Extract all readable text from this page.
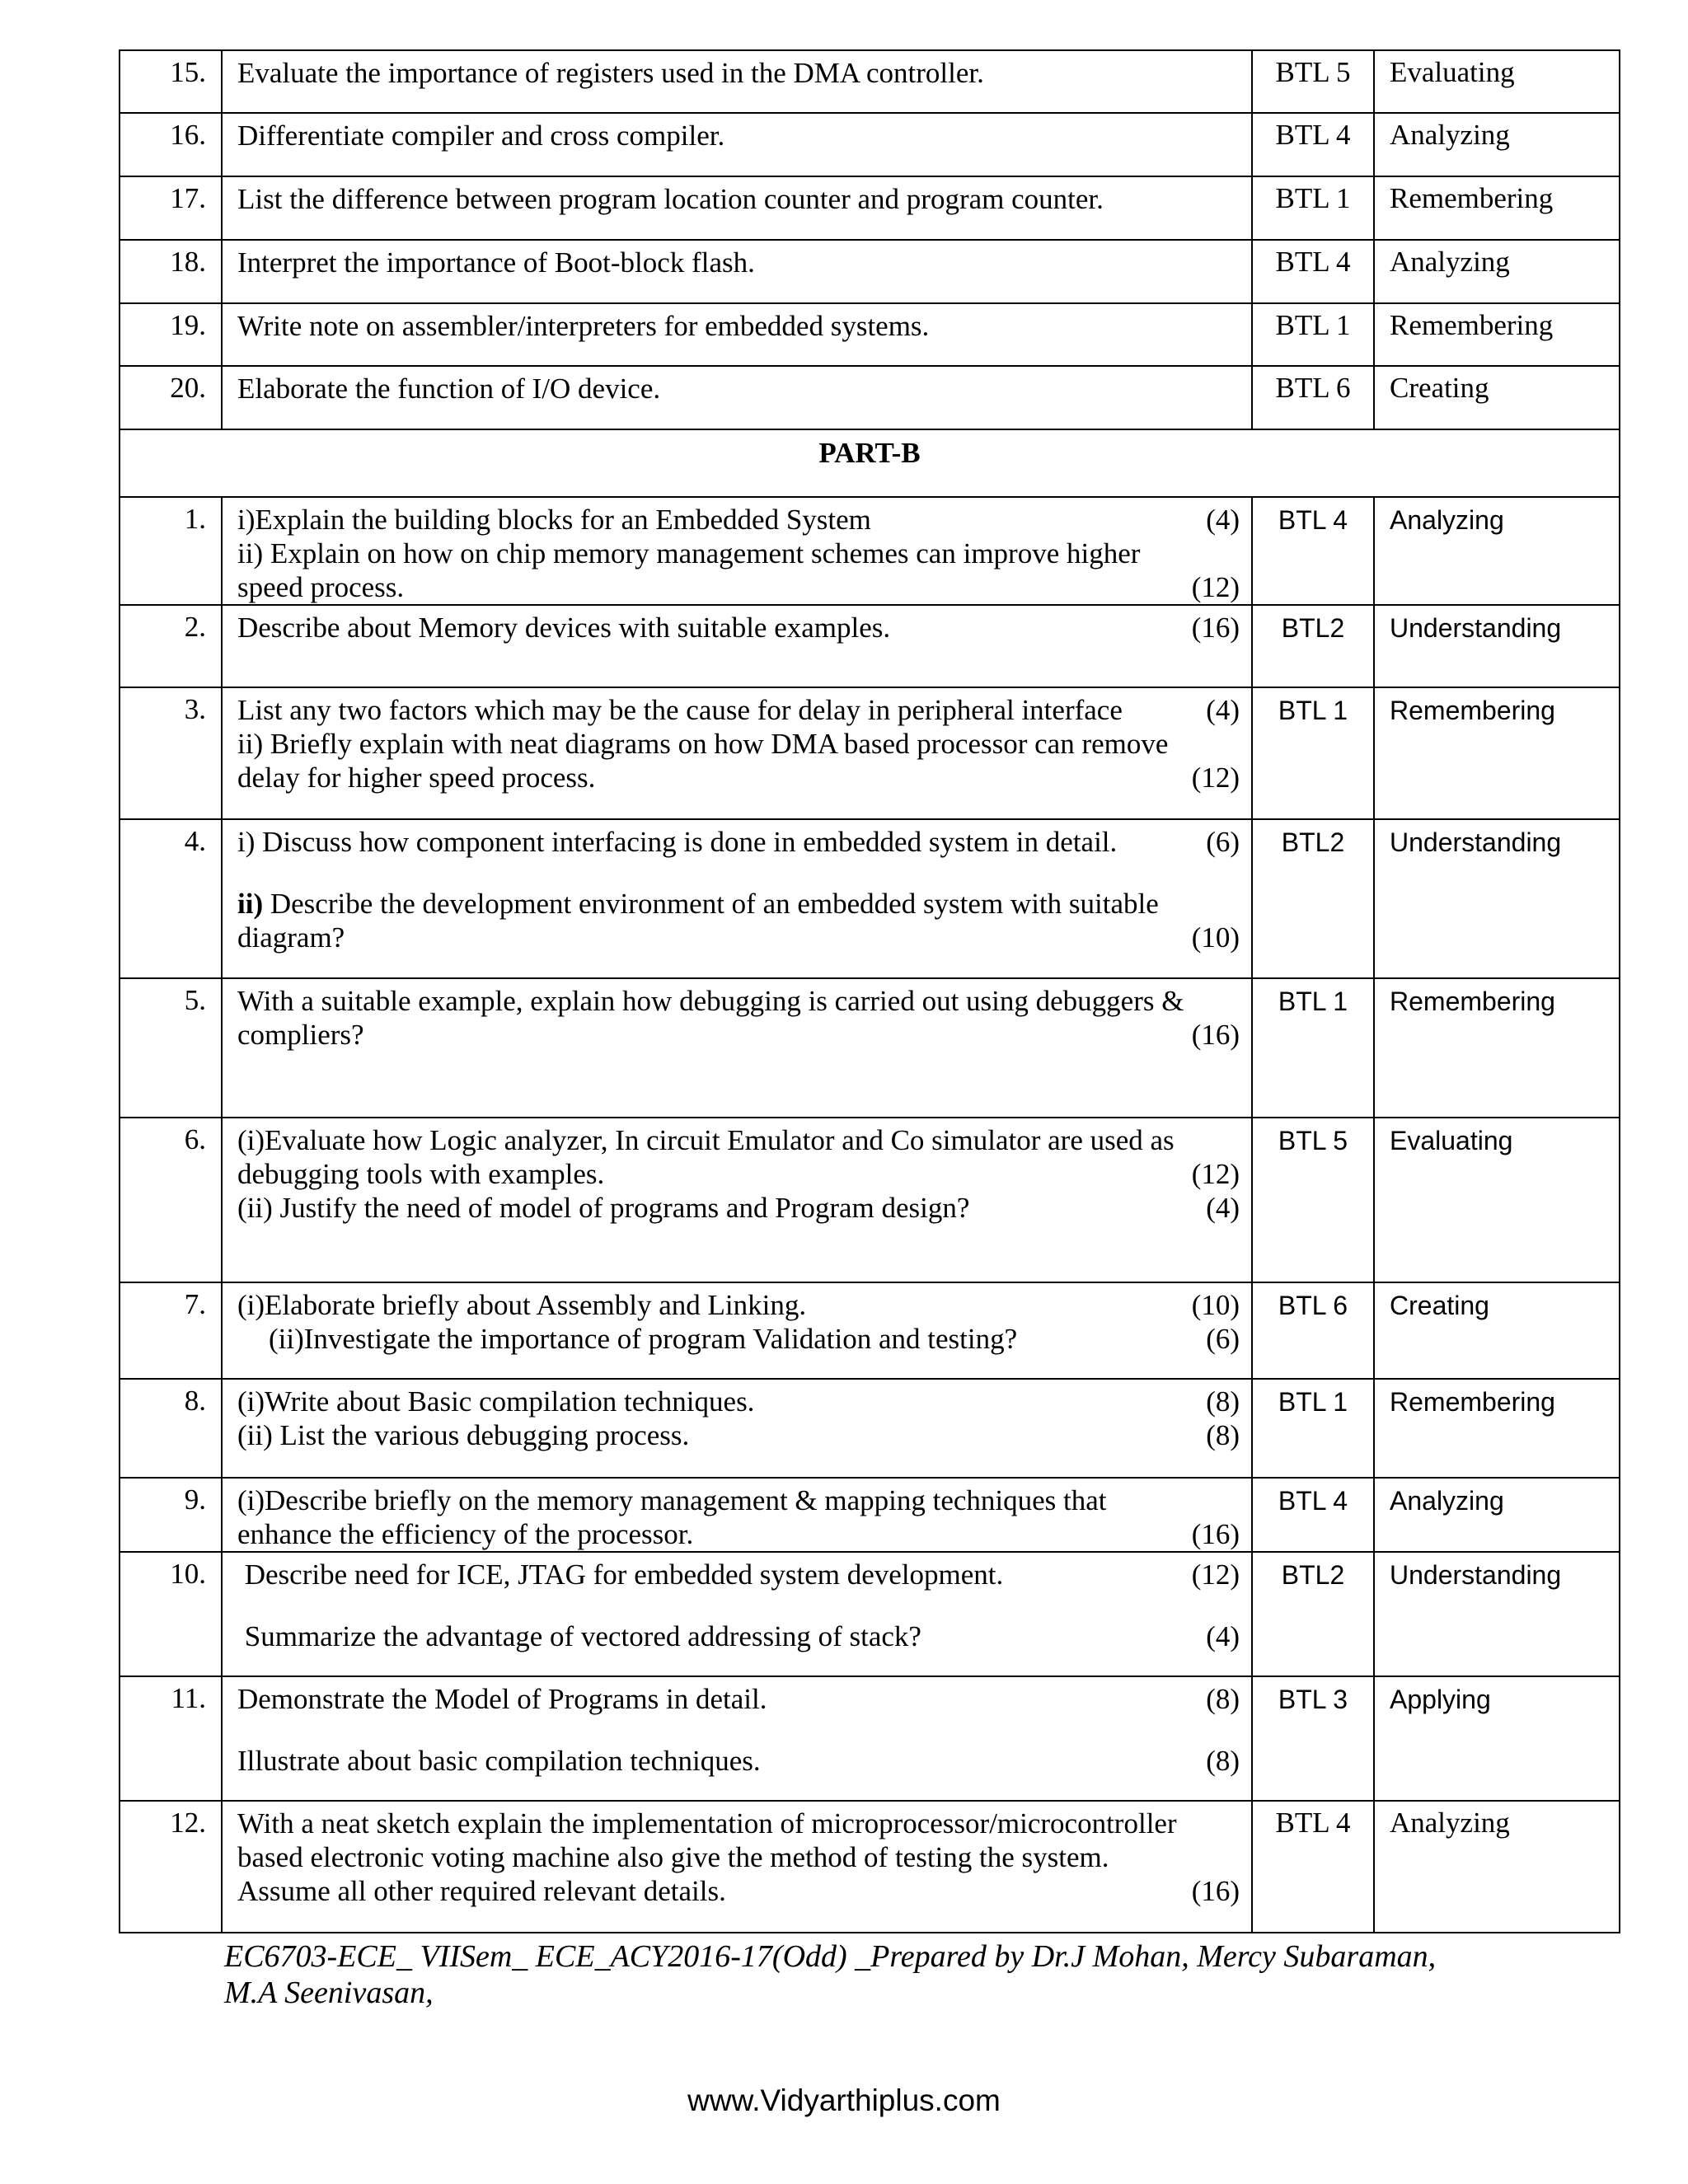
15.	Evaluate the importance of registers used in the DMA controller.	BTL 5	Evaluating
16.	Differentiate compiler and cross compiler.	BTL 4	Analyzing
17.	List the difference between program location counter and program counter.	BTL 1	Remembering
18.	Interpret the importance of Boot-block flash.	BTL 4	Analyzing
19.	Write note on assembler/interpreters for embedded systems.	BTL 1	Remembering
20.	Elaborate the function of I/O device.	BTL 6	Creating
PART-B			
1.	i)Explain the building blocks for an Embedded System (4)
ii) Explain on how on chip memory management schemes can improve higher
speed process. (12)	BTL 4	Analyzing
2.	Describe about Memory devices with suitable examples. (16)	BTL2	Understanding
3.	List any two factors which may be the cause for delay in peripheral interface (4)
ii) Briefly explain with neat diagrams on how DMA based processor can remove
delay for higher speed process. (12)	BTL 1	Remembering
4.	i) Discuss how component interfacing is done in embedded system in detail. (6)
ii) Describe the development environment of an embedded system with suitable
diagram? (10)	BTL2	Understanding
5.	With a suitable example, explain how debugging is carried out using debuggers &
compliers? (16)	BTL 1	Remembering
6.	(i)Evaluate how Logic analyzer, In circuit Emulator and Co simulator are used as
debugging tools with examples. (12)
(ii) Justify the need of model of programs and Program design? (4)	BTL 5	Evaluating
7.	(i)Elaborate briefly about Assembly and Linking. (10)
(ii)Investigate the importance of program Validation and testing? (6)	BTL 6	Creating
8.	(i)Write about Basic compilation techniques. (8)
(ii) List the various debugging process. (8)	BTL 1	Remembering
9.	(i)Describe briefly on the memory management & mapping techniques that
enhance the efficiency of the processor. (16)	BTL 4	Analyzing
10.	Describe need for ICE, JTAG for embedded system development. (12)
Summarize the advantage of vectored addressing of stack? (4)	BTL2	Understanding
11.	Demonstrate the Model of Programs in detail. (8)
Illustrate about basic compilation techniques. (8)	BTL 3	Applying
12.	With a neat sketch explain the implementation of microprocessor/microcontroller
based electronic voting machine also give the method of testing the system.
Assume all other required relevant details. (16)	BTL 4	Analyzing
EC6703-ECE_ VIISem_ ECE_ACY2016-17(Odd) _Prepared by Dr.J Mohan, Mercy Subaraman,
M.A Seenivasan,
www.Vidyarthiplus.com
